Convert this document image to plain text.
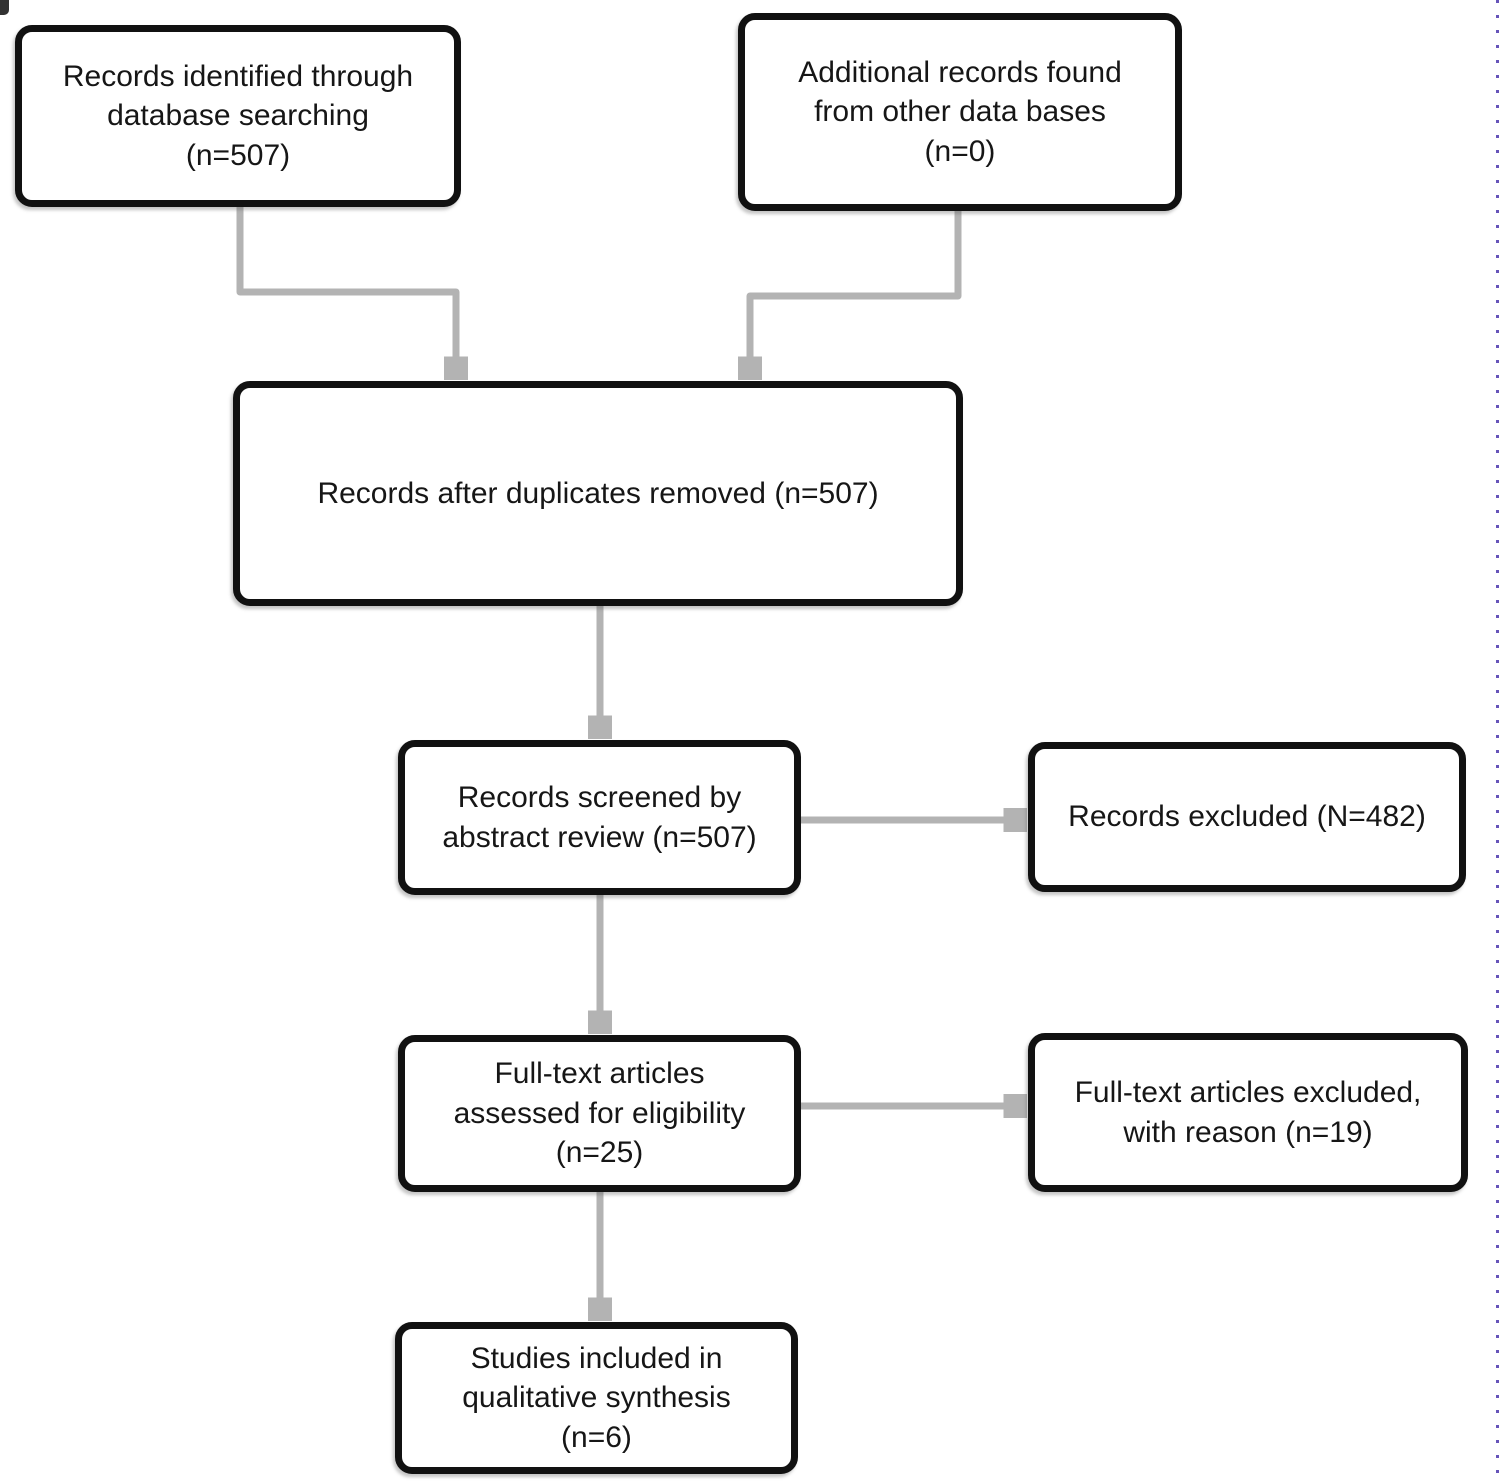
Records identified through
database searching
(n=507)
Additional records found
from other data bases
(n=0)
Records after duplicates removed (n=507)
Records screened by
abstract review (n=507)
Records excluded (N=482)
Full-text articles
assessed for eligibility
(n=25)
Full-text articles excluded,
with reason (n=19)
Studies included in
qualitative synthesis
(n=6)
